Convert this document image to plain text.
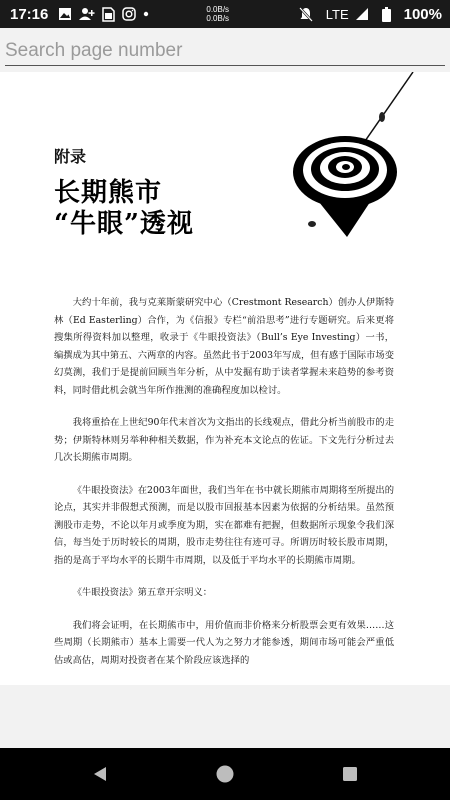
17:16	0.0B/s
0.0B/s	LTE	100%
Search page number
附录
长期熊市
“牛眼”透视

大约十年前，我与克莱斯蒙研究中心（Crestmont Research）创办人伊斯特林（Ed Easterling）合作，为《信报》专栏“前沿思考”进行专题研究。后来更将搜集所得资料加以整理，收录于《牛眼投资法》（Bull’s Eye Investing）一书，编撰成为其中第五、六两章的内容。虽然此书于2003年写成，但有感于国际市场变幻莫测，我们于是提前回顾当年分析，从中发掘有助于读者掌握未来趋势的参考资料，同时借此机会就当年所作推测的准确程度加以检讨。

我将重拾在上世纪90年代末首次为文指出的长线观点，借此分析当前股市的走势；伊斯特林则另举种种相关数据，作为补充本文论点的佐证。下文先行分析过去几次长期熊市周期。

《牛眼投资法》在2003年面世，我们当年在书中就长期熊市周期将至所提出的论点，其实并非假想式预测，而是以股市回报基本因素为依据的分析结果。虽然预测股市走势，不论以年月或季度为期，实在都难有把握，但数据所示现象令我们深信，每当处于历时较长的周期，股市走势往往有迹可寻。所谓历时较长股市周期，指的是高于平均水平的长期牛市周期，以及低于平均水平的长期熊市周期。

《牛眼投资法》第五章开宗明义：

我们将会证明，在长期熊市中，用价值而非价格来分析股票会更有效果……这些周期（长期熊市）基本上需要一代人为之努力才能参透，期间市场可能会严重低估或高估，周期对投资者在某个阶段应该选择的
